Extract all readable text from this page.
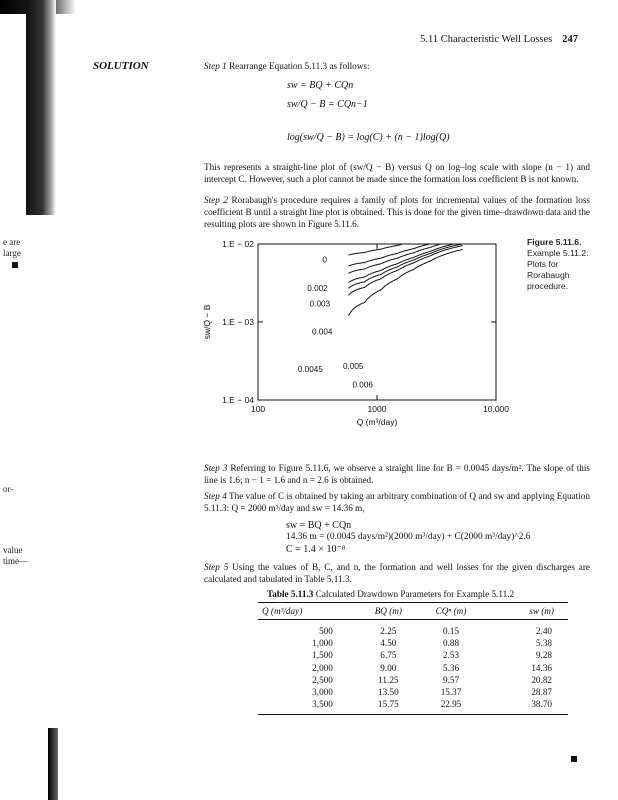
e are
large
or-
value
time—
5.11 Characteristic Well Losses 247
SOLUTION	Step 1 Rearrange Equation 5.11.3 as follows:
sw = BQ + CQn
sw/Q − B = CQn−1
log(sw/Q − B) = log(C) + (n − 1)log(Q)
This represents a straight-line plot of (sw/Q − B) versus Q on log–log scale with slope (n − 1) and intercept C. However, such a plot cannot be made since the formation loss coefficient B is not known.
Step 2 Rorabaugh's procedure requires a family of plots for incremental values of the formation loss coefficient B until a straight line plot is obtained. This is done for the given time–drawdown data and the resulting plots are shown in Figure 5.11.6.
100	1000	10,000
1.E − 02
1.E − 03
1.E − 04
Q (m³/day)
sw/Q − B
0
0.002
0.003
0.004
0.0045 0.005
0.006
Figure 5.11.6. Example 5.11.2: Plots for Rorabaugh procedure.
Step 3 Referring to Figure 5.11.6, we observe a straight line for B = 0.0045 days/m². The slope of this line is 1.6; n − 1 = 1.6 and n = 2.6 is obtained.
Step 4 The value of C is obtained by taking an arbitrary combination of Q and sw and applying Equation 5.11.3: Q = 2000 m³/day and sw = 14.36 m,
sw = BQ + CQn
14.36 m = (0.0045 days/m²)(2000 m³/day) + C(2000 m³/day)^2.6
C = 1.4 × 10⁻⁸
Step 5 Using the values of B, C, and n, the formation and well losses for the given discharges are calculated and tabulated in Table 5.11.3.
Table 5.11.3 Calculated Drawdown Parameters for Example 5.11.2
Q (m³/day)	BQ (m)	CQⁿ (m)	sw (m)
500	2.25	0.15	2.40
1,000	4.50	0.88	5.38
1,500	6.75	2.53	9.28
2,000	9.00	5.36	14.36
2,500	11.25	9.57	20.82
3,000	13.50	15.37	28.87
3,500	15.75	22.95	38.70
